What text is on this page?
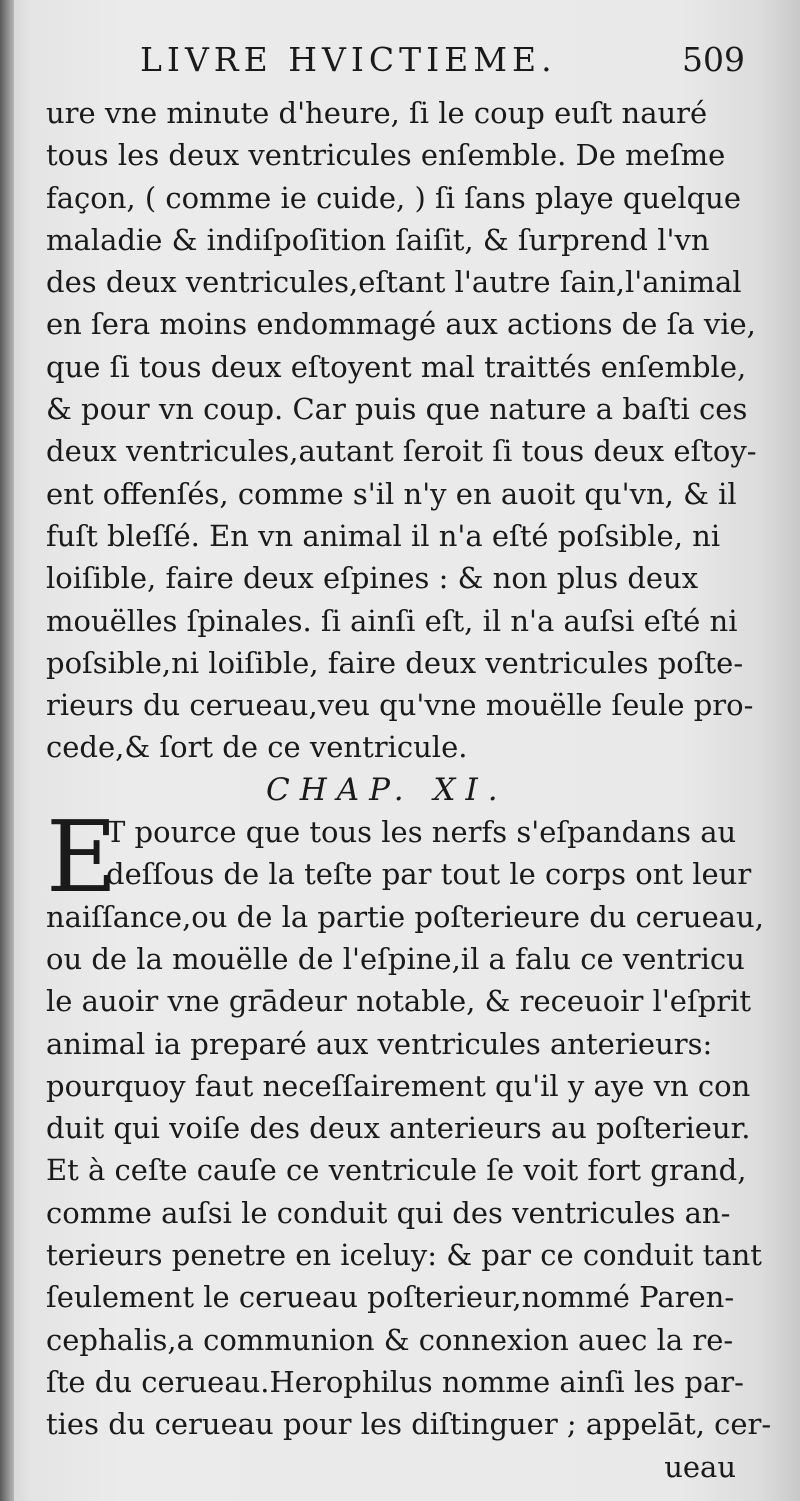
LIVRE HVICTIEME.	509
ure vne minute d'heure, ſi le coup euſt nauré
tous les deux ventricules enſemble. De meſme
façon, ( comme ie cuide, ) ſi ſans playe quelque
maladie & indiſpoſition ſaiſit, & ſurprend l'vn
des deux ventricules,eſtant l'autre ſain,l'animal
en ſera moins endommagé aux actions de ſa vie,
que ſi tous deux eſtoyent mal traittés enſemble,
& pour vn coup. Car puis que nature a baſti ces
deux ventricules,autant ſeroit ſi tous deux eſtoy-
ent offenſés, comme s'il n'y en auoit qu'vn, & il
fuſt bleſſé. En vn animal il n'a eſté poſsible, ni
loiſible, faire deux eſpines : & non plus deux
mouëlles ſpinales. ſi ainſi eſt, il n'a auſsi eſté ni
poſsible,ni loiſible, faire deux ventricules poſte-
rieurs du cerueau,veu qu'vne mouëlle ſeule pro-
cede,& ſort de ce ventricule.
CHAP. XI.
E
T pource que tous les nerfs s'eſpandans au
deſſous de la teſte par tout le corps ont leur
naiſſance,ou de la partie poſterieure du cerueau,
ou de la mouëlle de l'eſpine,il a falu ce ventricu
le auoir vne grādeur notable, & receuoir l'eſprit
animal ia preparé aux ventricules anterieurs:
pourquoy faut neceſſairement qu'il y aye vn con
duit qui voiſe des deux anterieurs au poſterieur.
Et à ceſte cauſe ce ventricule ſe voit fort grand,
comme auſsi le conduit qui des ventricules an-
terieurs penetre en iceluy: & par ce conduit tant
ſeulement le cerueau poſterieur,nommé Paren-
cephalis,a communion & connexion auec la re-
ſte du cerueau.Herophilus nomme ainſi les par-
ties du cerueau pour les diſtinguer ; appelāt, cer-
ueau
